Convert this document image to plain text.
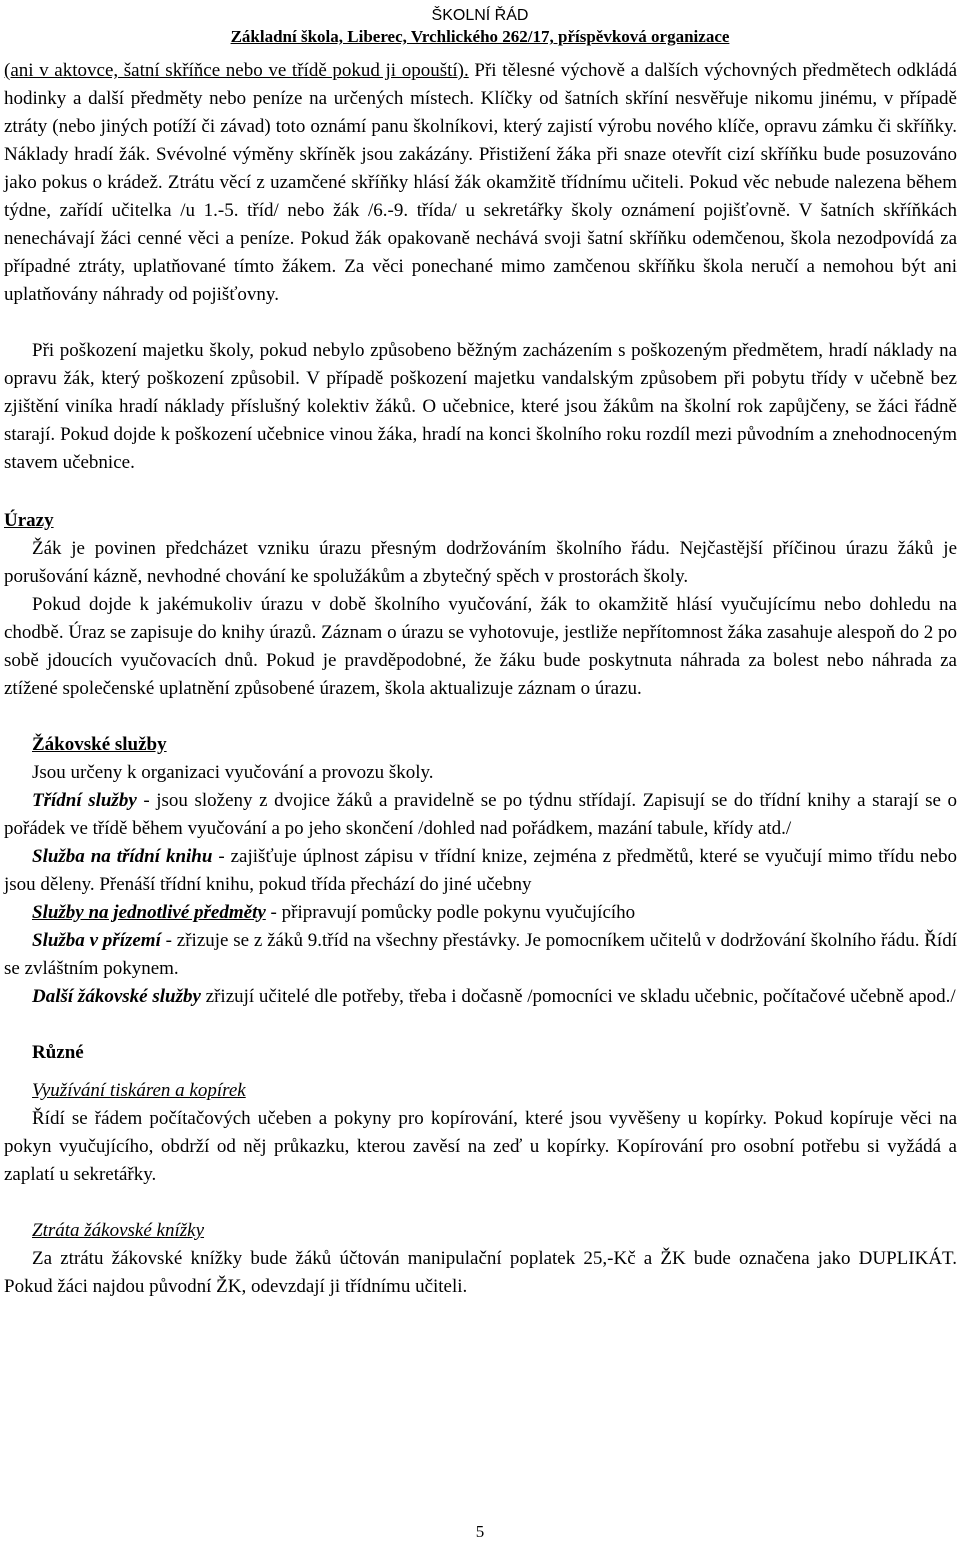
ŠKOLNÍ ŘÁD
Základní škola, Liberec, Vrchlického 262/17, příspěvková organizace

(ani v aktovce, šatní skříňce nebo ve třídě pokud ji opouští). Při tělesné výchově a dalších výchovných předmětech odkládá hodinky a další předměty nebo peníze na určených místech. Klíčky od šatních skříní nesvěřuje nikomu jinému, v případě ztráty (nebo jiných potíží či závad) toto oznámí panu školníkovi, který zajistí výrobu nového klíče, opravu zámku či skříňky. Náklady hradí žák. Svévolné výměny skříněk jsou zakázány. Přistižení žáka při snaze otevřít cizí skříňku bude posuzováno jako pokus o krádež. Ztrátu věcí z uzamčené skříňky hlásí žák okamžitě třídnímu učiteli. Pokud věc nebude nalezena během týdne, zařídí učitelka /u 1.-5. tříd/ nebo žák /6.-9. třída/ u sekretářky školy oznámení pojišťovně. V šatních skříňkách nenechávají žáci cenné věci a peníze. Pokud žák opakovaně nechává svoji šatní skříňku odemčenou, škola nezodpovídá za případné ztráty, uplatňované tímto žákem. Za věci ponechané mimo zamčenou skříňku škola neručí a nemohou být ani uplatňovány náhrady od pojišťovny.

Při poškození majetku školy, pokud nebylo způsobeno běžným zacházením s poškozeným předmětem, hradí náklady na opravu žák, který poškození způsobil. V případě poškození majetku vandalským způsobem při pobytu třídy v učebně bez zjištění viníka hradí náklady příslušný kolektiv žáků. O učebnice, které jsou žákům na školní rok zapůjčeny, se žáci řádně starají. Pokud dojde k poškození učebnice vinou žáka, hradí na konci školního roku rozdíl mezi původním a znehodnoceným stavem učebnice.

Úrazy

Žák je povinen předcházet vzniku úrazu přesným dodržováním školního řádu. Nejčastější příčinou úrazu žáků je porušování kázně, nevhodné chování ke spolužákům a zbytečný spěch v prostorách školy.

Pokud dojde k jakémukoliv úrazu v době školního vyučování, žák to okamžitě hlásí vyučujícímu nebo dohledu na chodbě. Úraz se zapisuje do knihy úrazů. Záznam o úrazu se vyhotovuje, jestliže nepřítomnost žáka zasahuje alespoň do 2 po sobě jdoucích vyučovacích dnů. Pokud je pravděpodobné, že žáku bude poskytnuta náhrada za bolest nebo náhrada za ztížené společenské uplatnění způsobené úrazem, škola aktualizuje záznam o úrazu.

Žákovské služby

Jsou určeny k organizaci vyučování a provozu školy.

Třídní služby - jsou složeny z dvojice žáků a pravidelně se po týdnu střídají. Zapisují se do třídní knihy a starají se o pořádek ve třídě během vyučování a po jeho skončení /dohled nad pořádkem, mazání tabule, křídy atd./

Služba na třídní knihu - zajišťuje úplnost zápisu v třídní knize, zejména z předmětů, které se vyučují mimo třídu nebo jsou děleny. Přenáší třídní knihu, pokud třída přechází do jiné učebny

Služby na jednotlivé předměty - připravují pomůcky podle pokynu vyučujícího

Služba v přízemí - zřizuje se z žáků 9.tříd na všechny přestávky. Je pomocníkem učitelů v dodržování školního řádu. Řídí se zvláštním pokynem.

Další žákovské služby zřizují učitelé dle potřeby, třeba i dočasně /pomocníci ve skladu učebnic, počítačové učebně apod./

Různé

Využívání tiskáren a kopírek

Řídí se řádem počítačových učeben a pokyny pro kopírování, které jsou vyvěšeny u kopírky. Pokud kopíruje věci na pokyn vyučujícího, obdrží od něj průkazku, kterou zavěsí na zeď u kopírky. Kopírování pro osobní potřebu si vyžádá a zaplatí u sekretářky.

Ztráta žákovské knížky

Za ztrátu žákovské knížky bude žáků účtován manipulační poplatek 25,-Kč a ŽK bude označena jako DUPLIKÁT. Pokud žáci najdou původní ŽK, odevzdají ji třídnímu učiteli.

5
